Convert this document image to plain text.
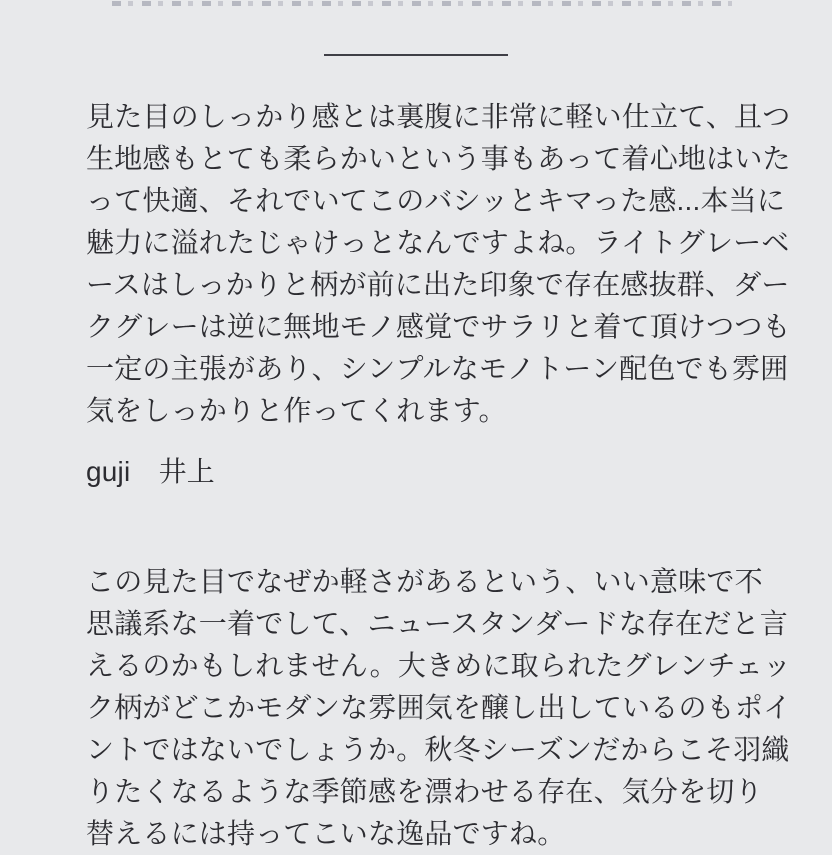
見た目のしっかり感とは裏腹に非常に軽い仕立て、且つ
生地感もとても柔らかいという事もあって着心地はいた
って快適、それでいてこのバシッとキマった感...本当に
魅力に溢れたじゃけっとなんですよね。ライトグレーベ
ースはしっかりと柄が前に出た印象で存在感抜群、ダー
クグレーは逆に無地モノ感覚でサラリと着て頂けつつも
一定の主張があり、シンプルなモノトーン配色でも雰囲
気をしっかりと作ってくれます。
guji　井上
この見た目でなぜか軽さがあるという、いい意味で不
思議系な一着でして、ニュースタンダードな存在だと言
えるのかもしれません。大きめに取られたグレンチェッ
ク柄がどこかモダンな雰囲気を醸し出しているのもポイ
ントではないでしょうか。秋冬シーズンだからこそ羽織
りたくなるような季節感を漂わせる存在、気分を切り
替えるには持ってこいな逸品ですね。
